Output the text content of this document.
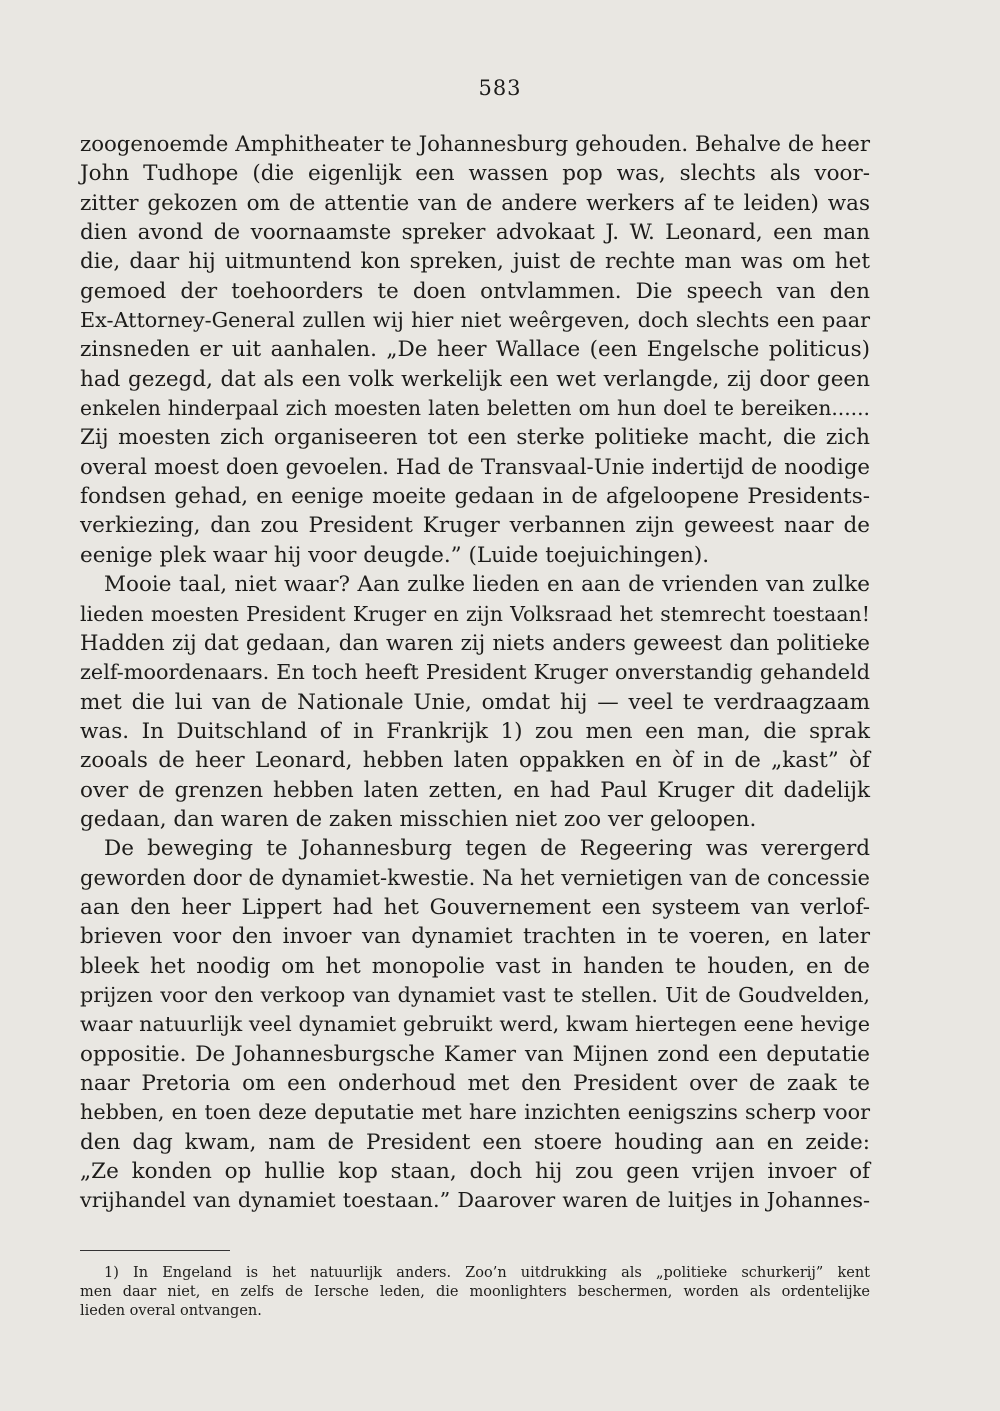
583
zoogenoemde Amphitheater te Johannesburg gehouden. Behalve de heer
John Tudhope (die eigenlijk een wassen pop was, slechts als voor-
zitter gekozen om de attentie van de andere werkers af te leiden) was
dien avond de voornaamste spreker advokaat J. W. Leonard, een man
die, daar hij uitmuntend kon spreken, juist de rechte man was om het
gemoed der toehoorders te doen ontvlammen. Die speech van den
Ex-Attorney-General zullen wij hier niet weêrgeven, doch slechts een paar
zinsneden er uit aanhalen. „De heer Wallace (een Engelsche politicus)
had gezegd, dat als een volk werkelijk een wet verlangde, zij door geen
enkelen hinderpaal zich moesten laten beletten om hun doel te bereiken......
Zij moesten zich organiseeren tot een sterke politieke macht, die zich
overal moest doen gevoelen. Had de Transvaal-Unie indertijd de noodige
fondsen gehad, en eenige moeite gedaan in de afgeloopene Presidents-
verkiezing, dan zou President Kruger verbannen zijn geweest naar de
eenige plek waar hij voor deugde.” (Luide toejuichingen).
Mooie taal, niet waar? Aan zulke lieden en aan de vrienden van zulke
lieden moesten President Kruger en zijn Volksraad het stemrecht toestaan!
Hadden zij dat gedaan, dan waren zij niets anders geweest dan politieke
zelf-moordenaars. En toch heeft President Kruger onverstandig gehandeld
met die lui van de Nationale Unie, omdat hij — veel te verdraagzaam
was. In Duitschland of in Frankrijk 1) zou men een man, die sprak
zooals de heer Leonard, hebben laten oppakken en òf in de „kast” òf
over de grenzen hebben laten zetten, en had Paul Kruger dit dadelijk
gedaan, dan waren de zaken misschien niet zoo ver geloopen.
De beweging te Johannesburg tegen de Regeering was verergerd
geworden door de dynamiet-kwestie. Na het vernietigen van de concessie
aan den heer Lippert had het Gouvernement een systeem van verlof-
brieven voor den invoer van dynamiet trachten in te voeren, en later
bleek het noodig om het monopolie vast in handen te houden, en de
prijzen voor den verkoop van dynamiet vast te stellen. Uit de Goudvelden,
waar natuurlijk veel dynamiet gebruikt werd, kwam hiertegen eene hevige
oppositie. De Johannesburgsche Kamer van Mijnen zond een deputatie
naar Pretoria om een onderhoud met den President over de zaak te
hebben, en toen deze deputatie met hare inzichten eenigszins scherp voor
den dag kwam, nam de President een stoere houding aan en zeide:
„Ze konden op hullie kop staan, doch hij zou geen vrijen invoer of
vrijhandel van dynamiet toestaan.” Daarover waren de luitjes in Johannes-
1) In Engeland is het natuurlijk anders. Zoo’n uitdrukking als „politieke schurkerij” kent
men daar niet, en zelfs de Iersche leden, die moonlighters beschermen, worden als ordentelijke
lieden overal ontvangen.
